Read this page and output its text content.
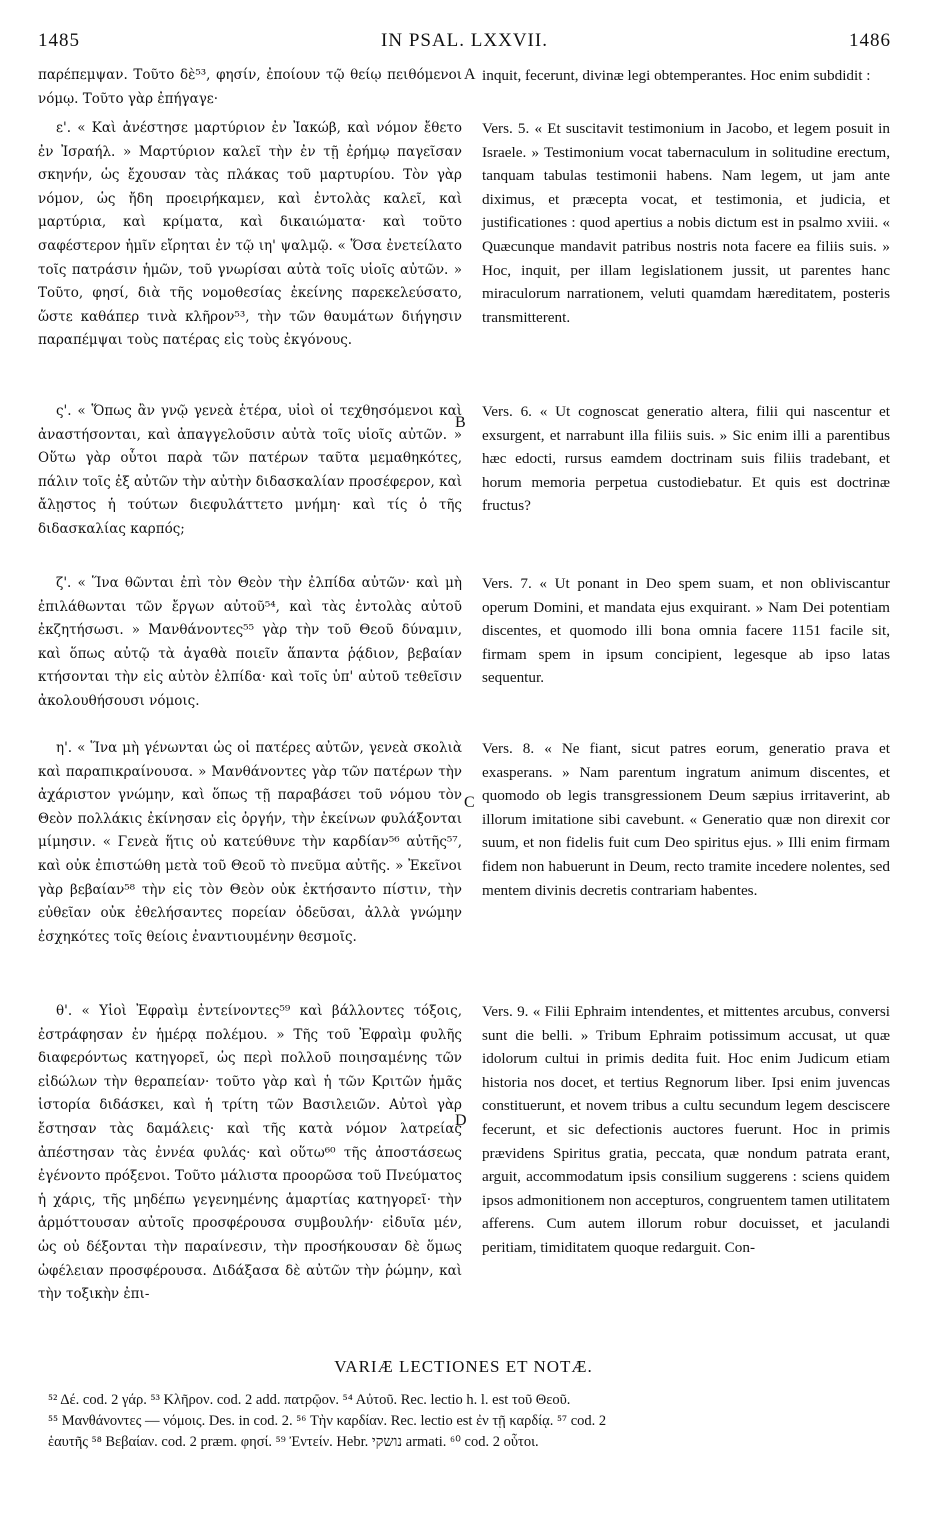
1485	IN PSAL. LXXVII.	1486

παρέπεμψαν. Τοῦτο δὲ⁵³, φησίν, ἐποίουν τῷ θείῳ πειθόμενοι νόμῳ. Τοῦτο γὰρ ἐπήγαγε·

ε'. « Καὶ ἀνέστησε μαρτύριον ἐν Ἰακώβ, καὶ νόμον ἔθετο ἐν Ἰσραήλ. » Μαρτύριον καλεῖ τὴν ἐν τῇ ἐρήμῳ παγεῖσαν σκηνήν, ὡς ἔχουσαν τὰς πλάκας τοῦ μαρτυρίου. Τὸν γὰρ νόμον, ὡς ἤδη προειρήκαμεν, καὶ ἐντολὰς καλεῖ, καὶ μαρτύρια, καὶ κρίματα, καὶ δικαιώματα· καὶ τοῦτο σαφέστερον ἡμῖν εἴρηται ἐν τῷ ιη' ψαλμῷ. « Ὅσα ἐνετείλατο τοῖς πατράσιν ἡμῶν, τοῦ γνωρίσαι αὐτὰ τοῖς υἱοῖς αὐτῶν. » Τοῦτο, φησί, διὰ τῆς νομοθεσίας ἐκείνης παρεκελεύσατο, ὥστε καθάπερ τινὰ κλῆρον⁵³, τὴν τῶν θαυμάτων διήγησιν παραπέμψαι τοὺς πατέρας εἰς τοὺς ἐκγόνους.

ς'. « Ὅπως ἂν γνῷ γενεὰ ἑτέρα, υἱοὶ οἱ τεχθησόμενοι καὶ ἀναστήσονται, καὶ ἀπαγγελοῦσιν αὐτὰ τοῖς υἱοῖς αὐτῶν. » Οὕτω γὰρ οὗτοι παρὰ τῶν πατέρων ταῦτα μεμαθηκότες, πάλιν τοῖς ἐξ αὐτῶν τὴν αὐτὴν διδασκαλίαν προσέφερον, καὶ ἄλῃστος ἡ τούτων διεφυλάττετο μνήμη· καὶ τίς ὁ τῆς διδασκαλίας καρπός;

ζ'. « Ἵνα θῶνται ἐπὶ τὸν Θεὸν τὴν ἐλπίδα αὐτῶν· καὶ μὴ ἐπιλάθωνται τῶν ἔργων αὐτοῦ⁵⁴, καὶ τὰς ἐντολὰς αὐτοῦ ἐκζητήσωσι. » Μανθάνοντες⁵⁵ γὰρ τὴν τοῦ Θεοῦ δύναμιν, καὶ ὅπως αὐτῷ τὰ ἀγαθὰ ποιεῖν ἅπαντα ῥᾴδιον, βεβαίαν κτήσονται τὴν εἰς αὐτὸν ἐλπίδα· καὶ τοῖς ὑπ' αὐτοῦ τεθεῖσιν ἀκολουθήσουσι νόμοις.

η'. « Ἵνα μὴ γένωνται ὡς οἱ πατέρες αὐτῶν, γενεὰ σκολιὰ καὶ παραπικραίνουσα. » Μανθάνοντες γὰρ τῶν πατέρων τὴν ἀχάριστον γνώμην, καὶ ὅπως τῇ παραβάσει τοῦ νόμου τὸν Θεὸν πολλάκις ἐκίνησαν εἰς ὀργήν, τὴν ἐκείνων φυλάξονται μίμησιν. « Γενεὰ ἥτις οὐ κατεύθυνε τὴν καρδίαν⁵⁶ αὐτῆς⁵⁷, καὶ οὐκ ἐπιστώθη μετὰ τοῦ Θεοῦ τὸ πνεῦμα αὐτῆς. » Ἐκεῖνοι γὰρ βεβαίαν⁵⁸ τὴν εἰς τὸν Θεὸν οὐκ ἐκτήσαντο πίστιν, τὴν εὐθεῖαν οὐκ ἐθελήσαντες πορείαν ὀδεῦσαι, ἀλλὰ γνώμην ἐσχηκότες τοῖς θείοις ἐναντιουμένην θεσμοῖς.

θ'. « Υἱοὶ Ἐφραὶμ ἐντείνοντες⁵⁹ καὶ βάλλοντες τόξοις, ἐστράφησαν ἐν ἡμέρᾳ πολέμου. » Τῆς τοῦ Ἐφραὶμ φυλῆς διαφερόντως κατηγορεῖ, ὡς περὶ πολλοῦ ποιησαμένης τῶν εἰδώλων τὴν θεραπείαν· τοῦτο γὰρ καὶ ἡ τῶν Κριτῶν ἡμᾶς ἱστορία διδάσκει, καὶ ἡ τρίτη τῶν Βασιλειῶν. Αὐτοὶ γὰρ ἔστησαν τὰς δαμάλεις· καὶ τῆς κατὰ νόμον λατρείας ἀπέστησαν τὰς ἐννέα φυλάς· καὶ οὕτω⁶⁰ τῆς ἀποστάσεως ἐγένοντο πρόξενοι. Τοῦτο μάλιστα προορῶσα τοῦ Πνεύματος ἡ χάρις, τῆς μηδέπω γεγενημένης ἁμαρτίας κατηγορεῖ· τὴν ἁρμόττουσαν αὐτοῖς προσφέρουσα συμβουλήν· εἰδυῖα μέν, ὡς οὐ δέξονται τὴν παραίνεσιν, τὴν προσήκουσαν δὲ ὅμως ὠφέλειαν προσφέρουσα. Διδάξασα δὲ αὐτῶν τὴν ῥώμην, καὶ τὴν τοξικὴν ἐπι-

A
B
C
D

inquit, fecerunt, divinæ legi obtemperantes. Hoc enim subdidit :

Vers. 5. « Et suscitavit testimonium in Jacobo, et legem posuit in Israele. » Testimonium vocat tabernaculum in solitudine erectum, tanquam tabulas testimonii habens. Nam legem, ut jam ante diximus, et præcepta vocat, et testimonia, et judicia, et justificationes : quod apertius a nobis dictum est in psalmo xviii. « Quæcunque mandavit patribus nostris nota facere ea filiis suis. » Hoc, inquit, per illam legislationem jussit, ut parentes hanc miraculorum narrationem, veluti quamdam hæreditatem, posteris transmitterent.

Vers. 6. « Ut cognoscat generatio altera, filii qui nascentur et exsurgent, et narrabunt illa filiis suis. » Sic enim illi a parentibus hæc edocti, rursus eamdem doctrinam suis filiis tradebant, et horum memoria perpetua custodiebatur. Et quis est doctrinæ fructus?

Vers. 7. « Ut ponant in Deo spem suam, et non obliviscantur operum Domini, et mandata ejus exquirant. » Nam Dei potentiam discentes, et quomodo illi bona omnia facere 1151 facile sit, firmam spem in ipsum concipient, legesque ab ipso latas sequentur.

Vers. 8. « Ne fiant, sicut patres eorum, generatio prava et exasperans. » Nam parentum ingratum animum discentes, et quomodo ob legis transgressionem Deum sæpius irritaverint, ab illorum imitatione sibi cavebunt. « Generatio quæ non direxit cor suum, et non fidelis fuit cum Deo spiritus ejus. » Illi enim firmam fidem non habuerunt in Deum, recto tramite incedere nolentes, sed mentem divinis decretis contrariam habentes.

Vers. 9. « Filii Ephraim intendentes, et mittentes arcubus, conversi sunt die belli. » Tribum Ephraim potissimum accusat, ut quæ idolorum cultui in primis dedita fuit. Hoc enim Judicum etiam historia nos docet, et tertius Regnorum liber. Ipsi enim juvencas constituerunt, et novem tribus a cultu secundum legem desciscere fecerunt, et sic defectionis auctores fuerunt. Hoc in primis prævidens Spiritus gratia, peccata, quæ nondum patrata erant, arguit, accommodatum ipsis consilium suggerens : sciens quidem ipsos admonitionem non accepturos, congruentem tamen utilitatem afferens. Cum autem illorum robur docuisset, et jaculandi peritiam, timiditatem quoque redarguit. Con-

VARIÆ LECTIONES ET NOTÆ.

⁵² Δέ. cod. 2 γάρ. ⁵³ Κλῆρον. cod. 2 add. πατρῷον. ⁵⁴ Αὐτοῦ. Rec. lectio h. l. est τοῦ Θεοῦ.

⁵⁵ Μανθάνοντες — νόμοις. Des. in cod. 2. ⁵⁶ Τὴν καρδίαν. Rec. lectio est ἐν τῇ καρδίᾳ. ⁵⁷ cod. 2

ἑαυτῆς ⁵⁸ Βεβαίαν. cod. 2 præm. φησί. ⁵⁹ Ἐντείν. Hebr. נושקי armati. ⁶⁰ cod. 2 οὗτοι.
